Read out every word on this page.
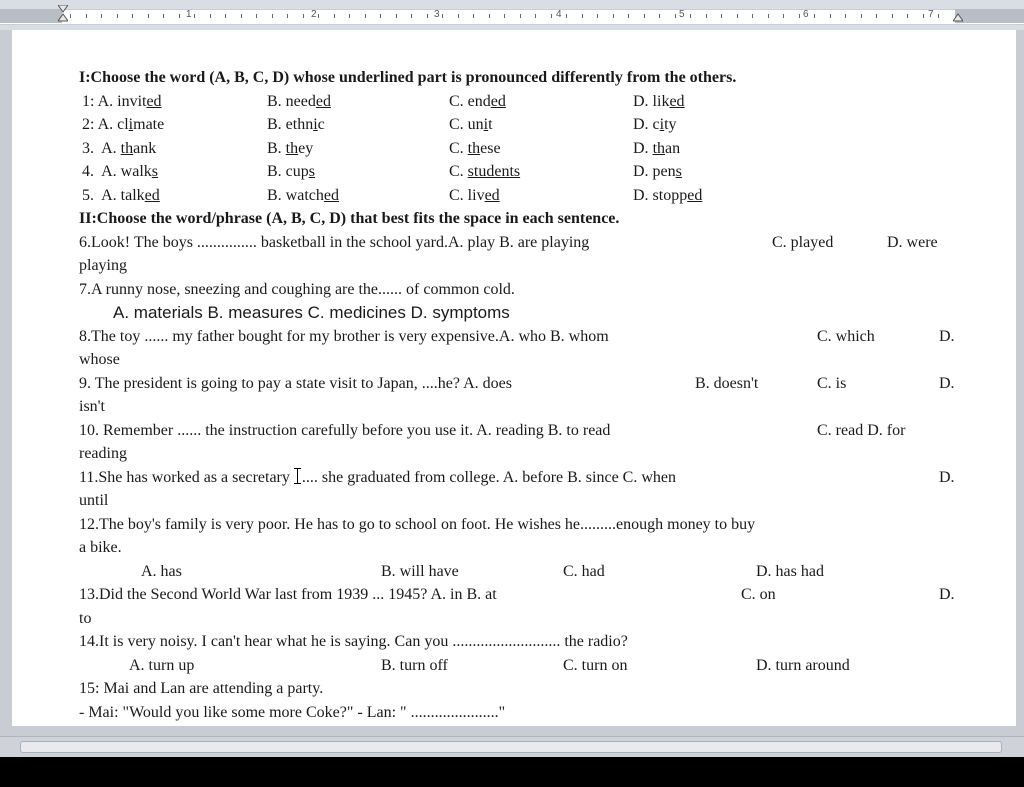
1	2	3	4	5	6	7
I:Choose the word (A, B, C, D) whose underlined part is pronounced differently from the others.
1: A. invited	B. needed	C. ended	D. liked
2: A. climate	B. ethnic	C. unit	D. city
3.  A. thank	B. they	C. these	D. than
4.  A. walks	B. cups	C. students	D. pens
5.  A. talked	B. watched	C. lived	D. stopped
II:Choose the word/phrase (A, B, C, D) that best fits the space in each sentence.
6.Look! The boys ............... basketball in the school yard.A. play B. are playing	C. played	D. were
playing
7.A runny nose, sneezing and coughing are the...... of common cold.
A. materials B. measures C. medicines D. symptoms
8.The toy ...... my father bought for my brother is very expensive.A. who B. whom	C. which	D.
whose
9. The president is going to pay a state visit to Japan, ....he? A. does	B. doesn't	C. is	D.
isn't
10. Remember ...... the instruction carefully before you use it. A. reading B. to read	C. read D. for
reading
11.She has worked as a secretary .... she graduated from college. A. before B. since C. when	D.
until
12.The boy's family is very poor. He has to go to school on foot. He wishes he.........enough money to buy
a bike.
A. has	B. will have	C. had	D. has had
13.Did the Second World War last from 1939 ... 1945? A. in B. at	C. on	D.
to
14.It is very noisy. I can't hear what he is saying. Can you ........................... the radio?
A. turn up	B. turn off	C. turn on	D. turn around
15: Mai and Lan are attending a party.
- Mai: "Would you like some more Coke?" - Lan: " ......................"
